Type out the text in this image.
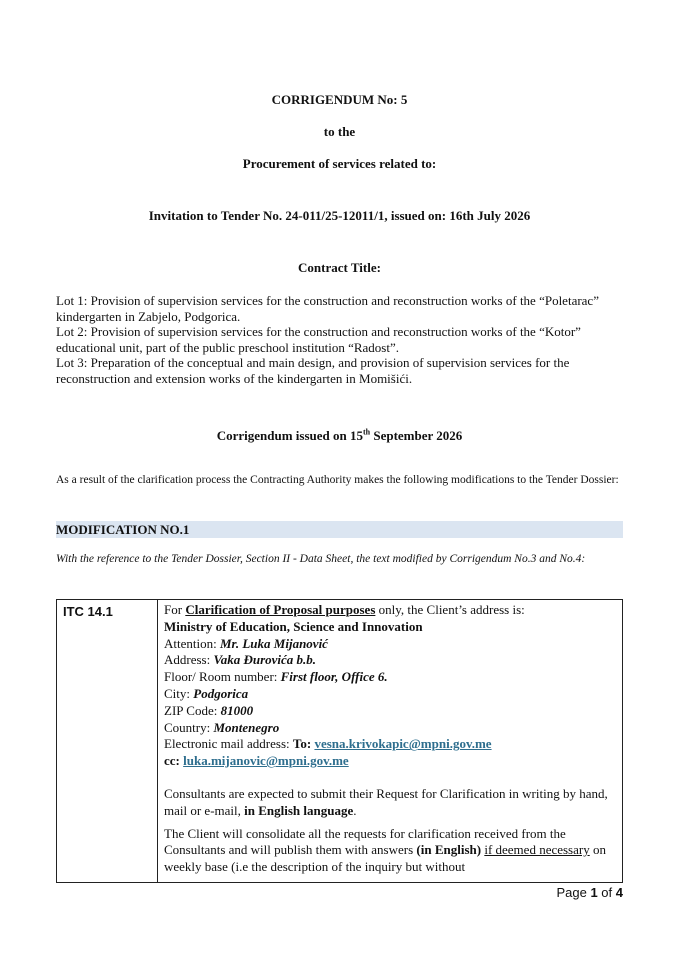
CORRIGENDUM No: 5
to the
Procurement of services related to:
Invitation to Tender No. 24-011/25-12011/1, issued on: 16th July 2026
Contract Title:
Lot 1: Provision of supervision services for the construction and reconstruction works of the “Poletarac” kindergarten in Zabjelo, Podgorica.
Lot 2: Provision of supervision services for the construction and reconstruction works of the “Kotor” educational unit, part of the public preschool institution “Radost”.
Lot 3: Preparation of the conceptual and main design, and provision of supervision services for the reconstruction and extension works of the kindergarten in Momišići.
Corrigendum issued on 15th September 2026
As a result of the clarification process the Contracting Authority makes the following modifications to the Tender Dossier:
MODIFICATION NO.1
With the reference to the Tender Dossier, Section II - Data Sheet, the text modified by Corrigendum No.3 and No.4:
ITC 14.1	For Clarification of Proposal purposes only, the Client’s address is:
Ministry of Education, Science and Innovation
Attention: Mr. Luka Mijanović
Address: Vaka Đurovića b.b.
Floor/ Room number: First floor, Office 6.
City: Podgorica
ZIP Code: 81000
Country: Montenegro
Electronic mail address: To: vesna.krivokapic@mpni.gov.me
cc: luka.mijanovic@mpni.gov.me
Consultants are expected to submit their Request for Clarification in writing by hand, mail or e-mail, in English language.
The Client will consolidate all the requests for clarification received from the Consultants and will publish them with answers (in English) if deemed necessary on weekly base (i.e the description of the inquiry but without
Page 1 of 4
